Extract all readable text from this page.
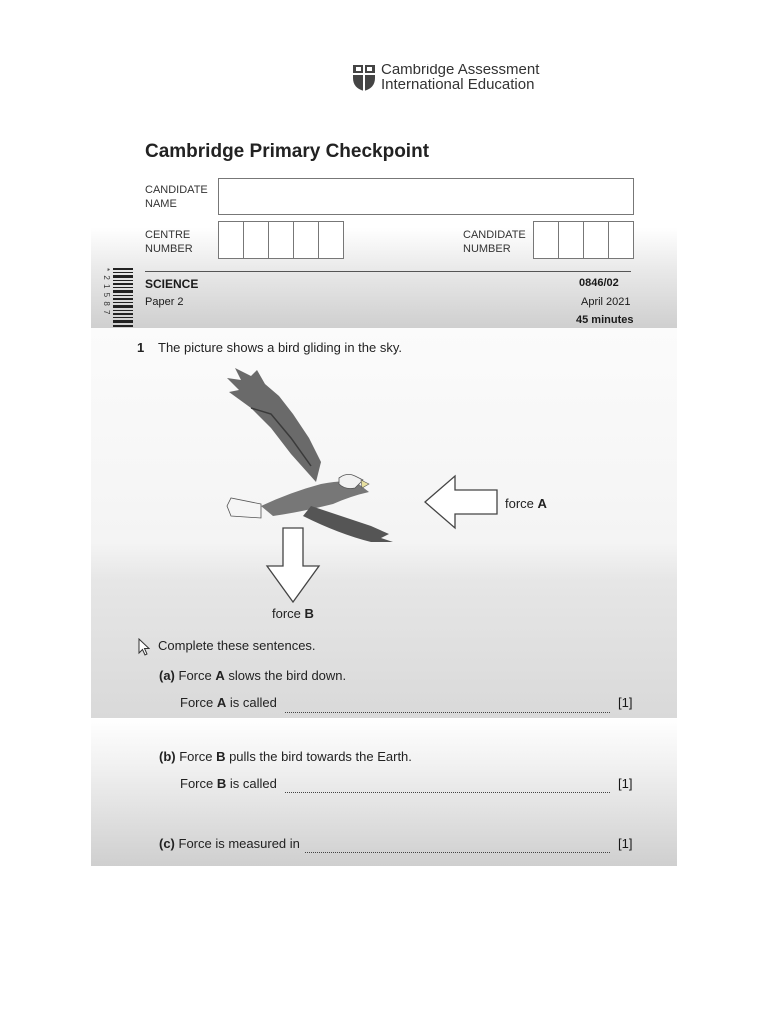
Cambridge Assessment
International Education
Cambridge Primary Checkpoint
CANDIDATE NAME
CENTRE NUMBER
CANDIDATE NUMBER
* 2 1 5 8 7	SCIENCE	0846/02
Paper 2	April 2021
45 minutes
1 The picture shows a bird gliding in the sky.
force A
force B
Complete these sentences.
(a) Force A slows the bird down.
Force A is called	[1]
(b) Force B pulls the bird towards the Earth.
Force B is called	[1]
(c) Force is measured in	[1]
